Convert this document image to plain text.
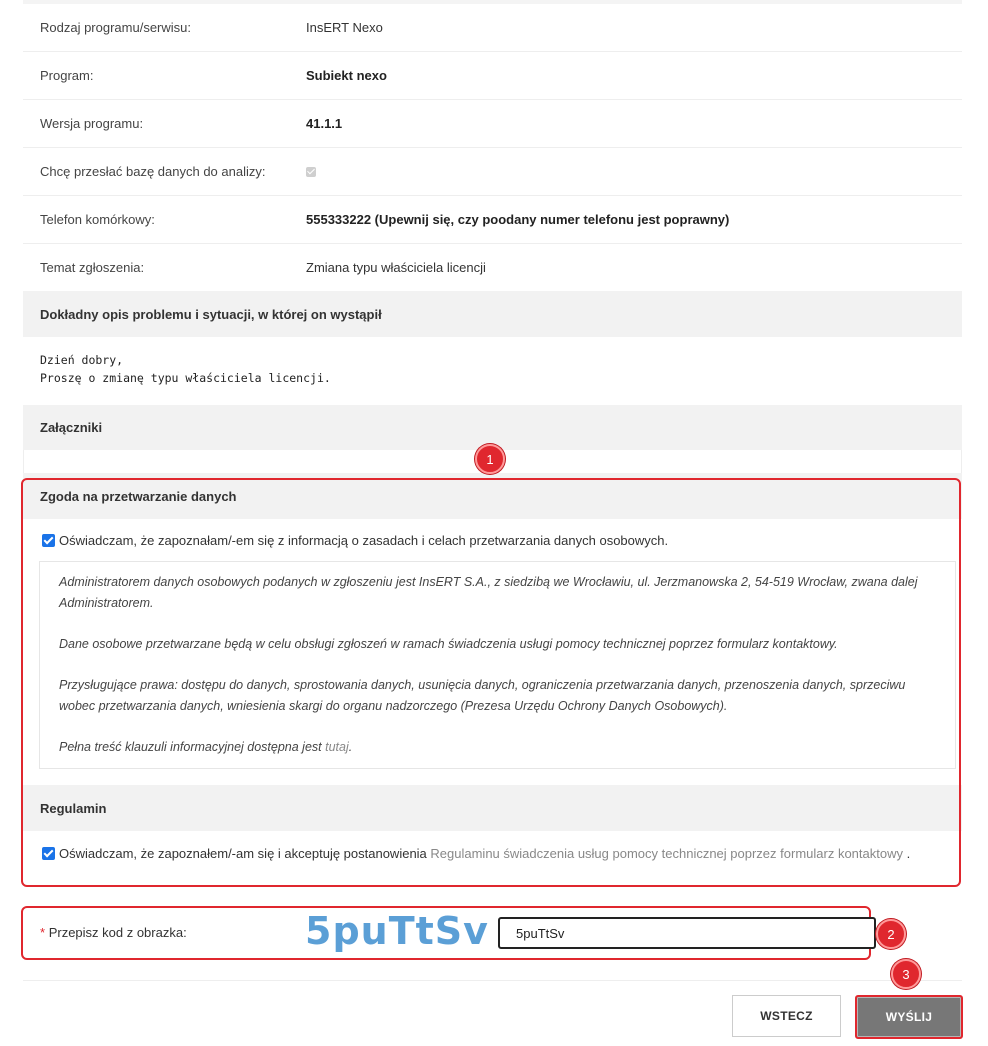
Rodzaj programu/serwisu:	InsERT Nexo
Program:	Subiekt nexo
Wersja programu:	41.1.1
Chcę przesłać bazę danych do analizy:
Telefon komórkowy:	555333222 (Upewnij się, czy poodany numer telefonu jest poprawny)
Temat zgłoszenia:	Zmiana typu właściciela licencji
Dokładny opis problemu i sytuacji, w której on wystąpił
Dzień dobry,
Proszę o zmianę typu właściciela licencji.
Załączniki
Zgoda na przetwarzanie danych
Oświadczam, że zapoznałam/-em się z informacją o zasadach i celach przetwarzania danych osobowych.

Administratorem danych osobowych podanych w zgłoszeniu jest InsERT S.A., z siedzibą we Wrocławiu, ul. Jerzmanowska 2, 54-519 Wrocław, zwana dalej Administratorem.

Dane osobowe przetwarzane będą w celu obsługi zgłoszeń w ramach świadczenia usługi pomocy technicznej poprzez formularz kontaktowy.

Przysługujące prawa: dostępu do danych, sprostowania danych, usunięcia danych, ograniczenia przetwarzania danych, przenoszenia danych, sprzeciwu wobec przetwarzania danych, wniesienia skargi do organu nadzorczego (Prezesa Urzędu Ochrony Danych Osobowych).

Pełna treść klauzuli informacyjnej dostępna jest tutaj.

Regulamin
Oświadczam, że zapoznałem/-am się i akceptuję postanowienia Regulaminu świadczenia usług pomocy technicznej poprzez formularz kontaktowy .
* Przepisz kod z obrazka:	5puTtSv
5puTtSv
WSTECZ	WYŚLIJ
1
2
3
